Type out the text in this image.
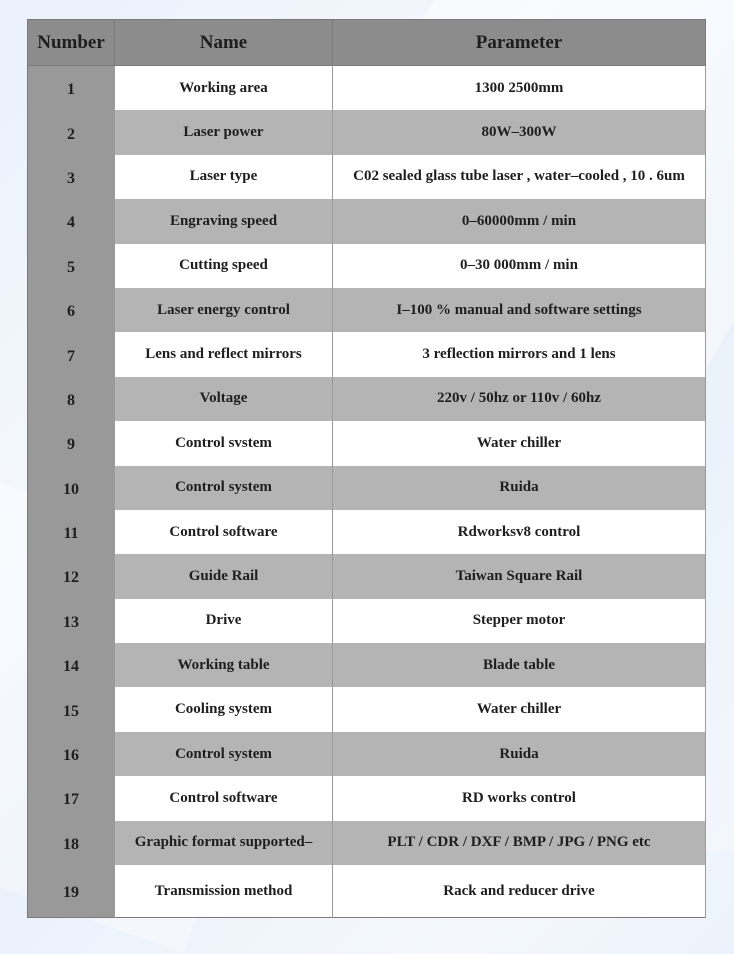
Number	Name	Parameter
1	Working area	1300 2500mm
2	Laser power	80W–300W
3	Laser type	C02 sealed glass tube laser , water–cooled , 10 . 6um
4	Engraving speed	0–60000mm / min
5	Cutting speed	0–30 000mm / min
6	Laser energy control	I–100 % manual and software settings
7	Lens and reflect mirrors	3 reflection mirrors and 1 lens
8	Voltage	220v / 50hz or 110v / 60hz
9	Control svstem	Water chiller
10	Control system	Ruida
11	Control software	Rdworksv8 control
12	Guide Rail	Taiwan Square Rail
13	Drive	Stepper motor
14	Working table	Blade table
15	Cooling system	Water chiller
16	Control system	Ruida
17	Control software	RD works control
18	Graphic format supported–	PLT / CDR / DXF / BMP / JPG / PNG etc
19	Transmission method	Rack and reducer drive
